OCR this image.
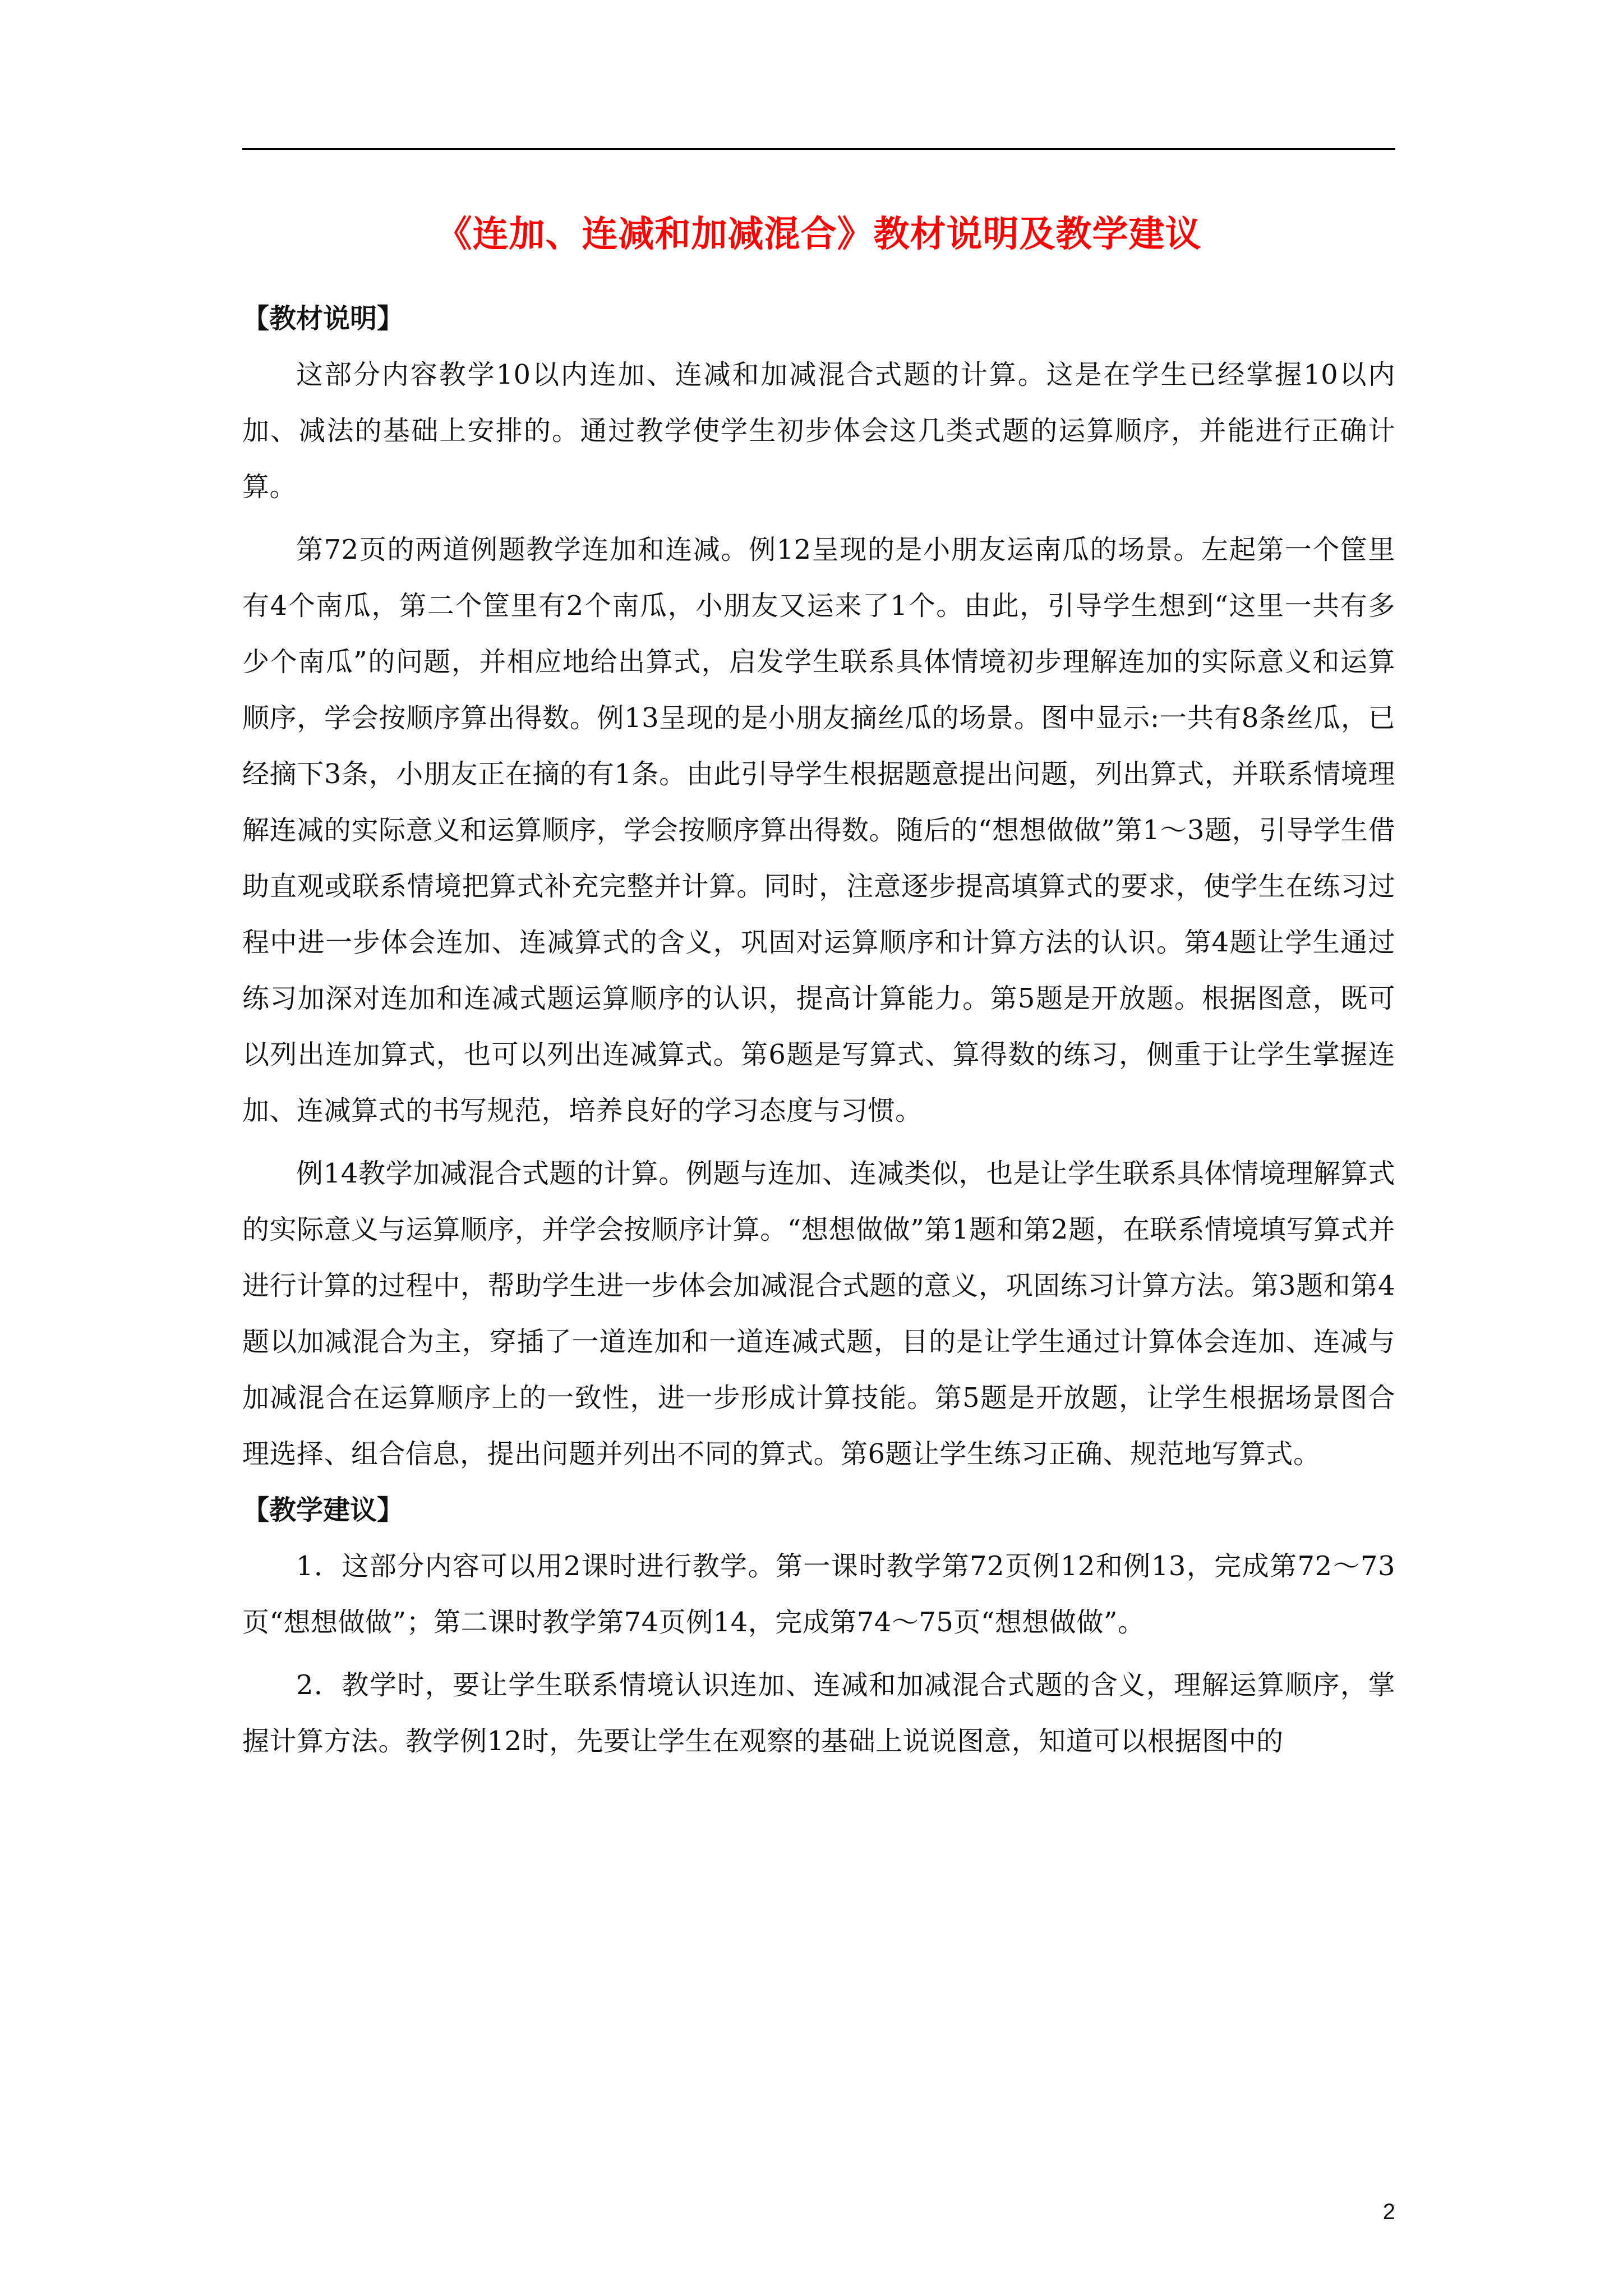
《连加、连减和加减混合》教材说明及教学建议

【教材说明】

这部分内容教学10以内连加、连减和加减混合式题的计算。这是在学生已经掌握10以内加、减法的基础上安排的。通过教学使学生初步体会这几类式题的运算顺序，并能进行正确计算。

第72页的两道例题教学连加和连减。例12呈现的是小朋友运南瓜的场景。左起第一个筐里有4个南瓜，第二个筐里有2个南瓜，小朋友又运来了1个。由此，引导学生想到“这里一共有多少个南瓜”的问题，并相应地给出算式，启发学生联系具体情境初步理解连加的实际意义和运算顺序，学会按顺序算出得数。例13呈现的是小朋友摘丝瓜的场景。图中显示:一共有8条丝瓜，已经摘下3条，小朋友正在摘的有1条。由此引导学生根据题意提出问题，列出算式，并联系情境理解连减的实际意义和运算顺序，学会按顺序算出得数。随后的“想想做做”第1～3题，引导学生借助直观或联系情境把算式补充完整并计算。同时，注意逐步提高填算式的要求，使学生在练习过程中进一步体会连加、连减算式的含义，巩固对运算顺序和计算方法的认识。第4题让学生通过练习加深对连加和连减式题运算顺序的认识，提高计算能力。第5题是开放题。根据图意，既可以列出连加算式，也可以列出连减算式。第6题是写算式、算得数的练习，侧重于让学生掌握连加、连减算式的书写规范，培养良好的学习态度与习惯。

例14教学加减混合式题的计算。例题与连加、连减类似，也是让学生联系具体情境理解算式的实际意义与运算顺序，并学会按顺序计算。“想想做做”第1题和第2题，在联系情境填写算式并进行计算的过程中，帮助学生进一步体会加减混合式题的意义，巩固练习计算方法。第3题和第4题以加减混合为主，穿插了一道连加和一道连减式题，目的是让学生通过计算体会连加、连减与加减混合在运算顺序上的一致性，进一步形成计算技能。第5题是开放题，让学生根据场景图合理选择、组合信息，提出问题并列出不同的算式。第6题让学生练习正确、规范地写算式。

【教学建议】

1．这部分内容可以用2课时进行教学。第一课时教学第72页例12和例13，完成第72～73页“想想做做”；第二课时教学第74页例14，完成第74～75页“想想做做”。

2．教学时，要让学生联系情境认识连加、连减和加减混合式题的含义，理解运算顺序，掌握计算方法。教学例12时，先要让学生在观察的基础上说说图意，知道可以根据图中的

2
